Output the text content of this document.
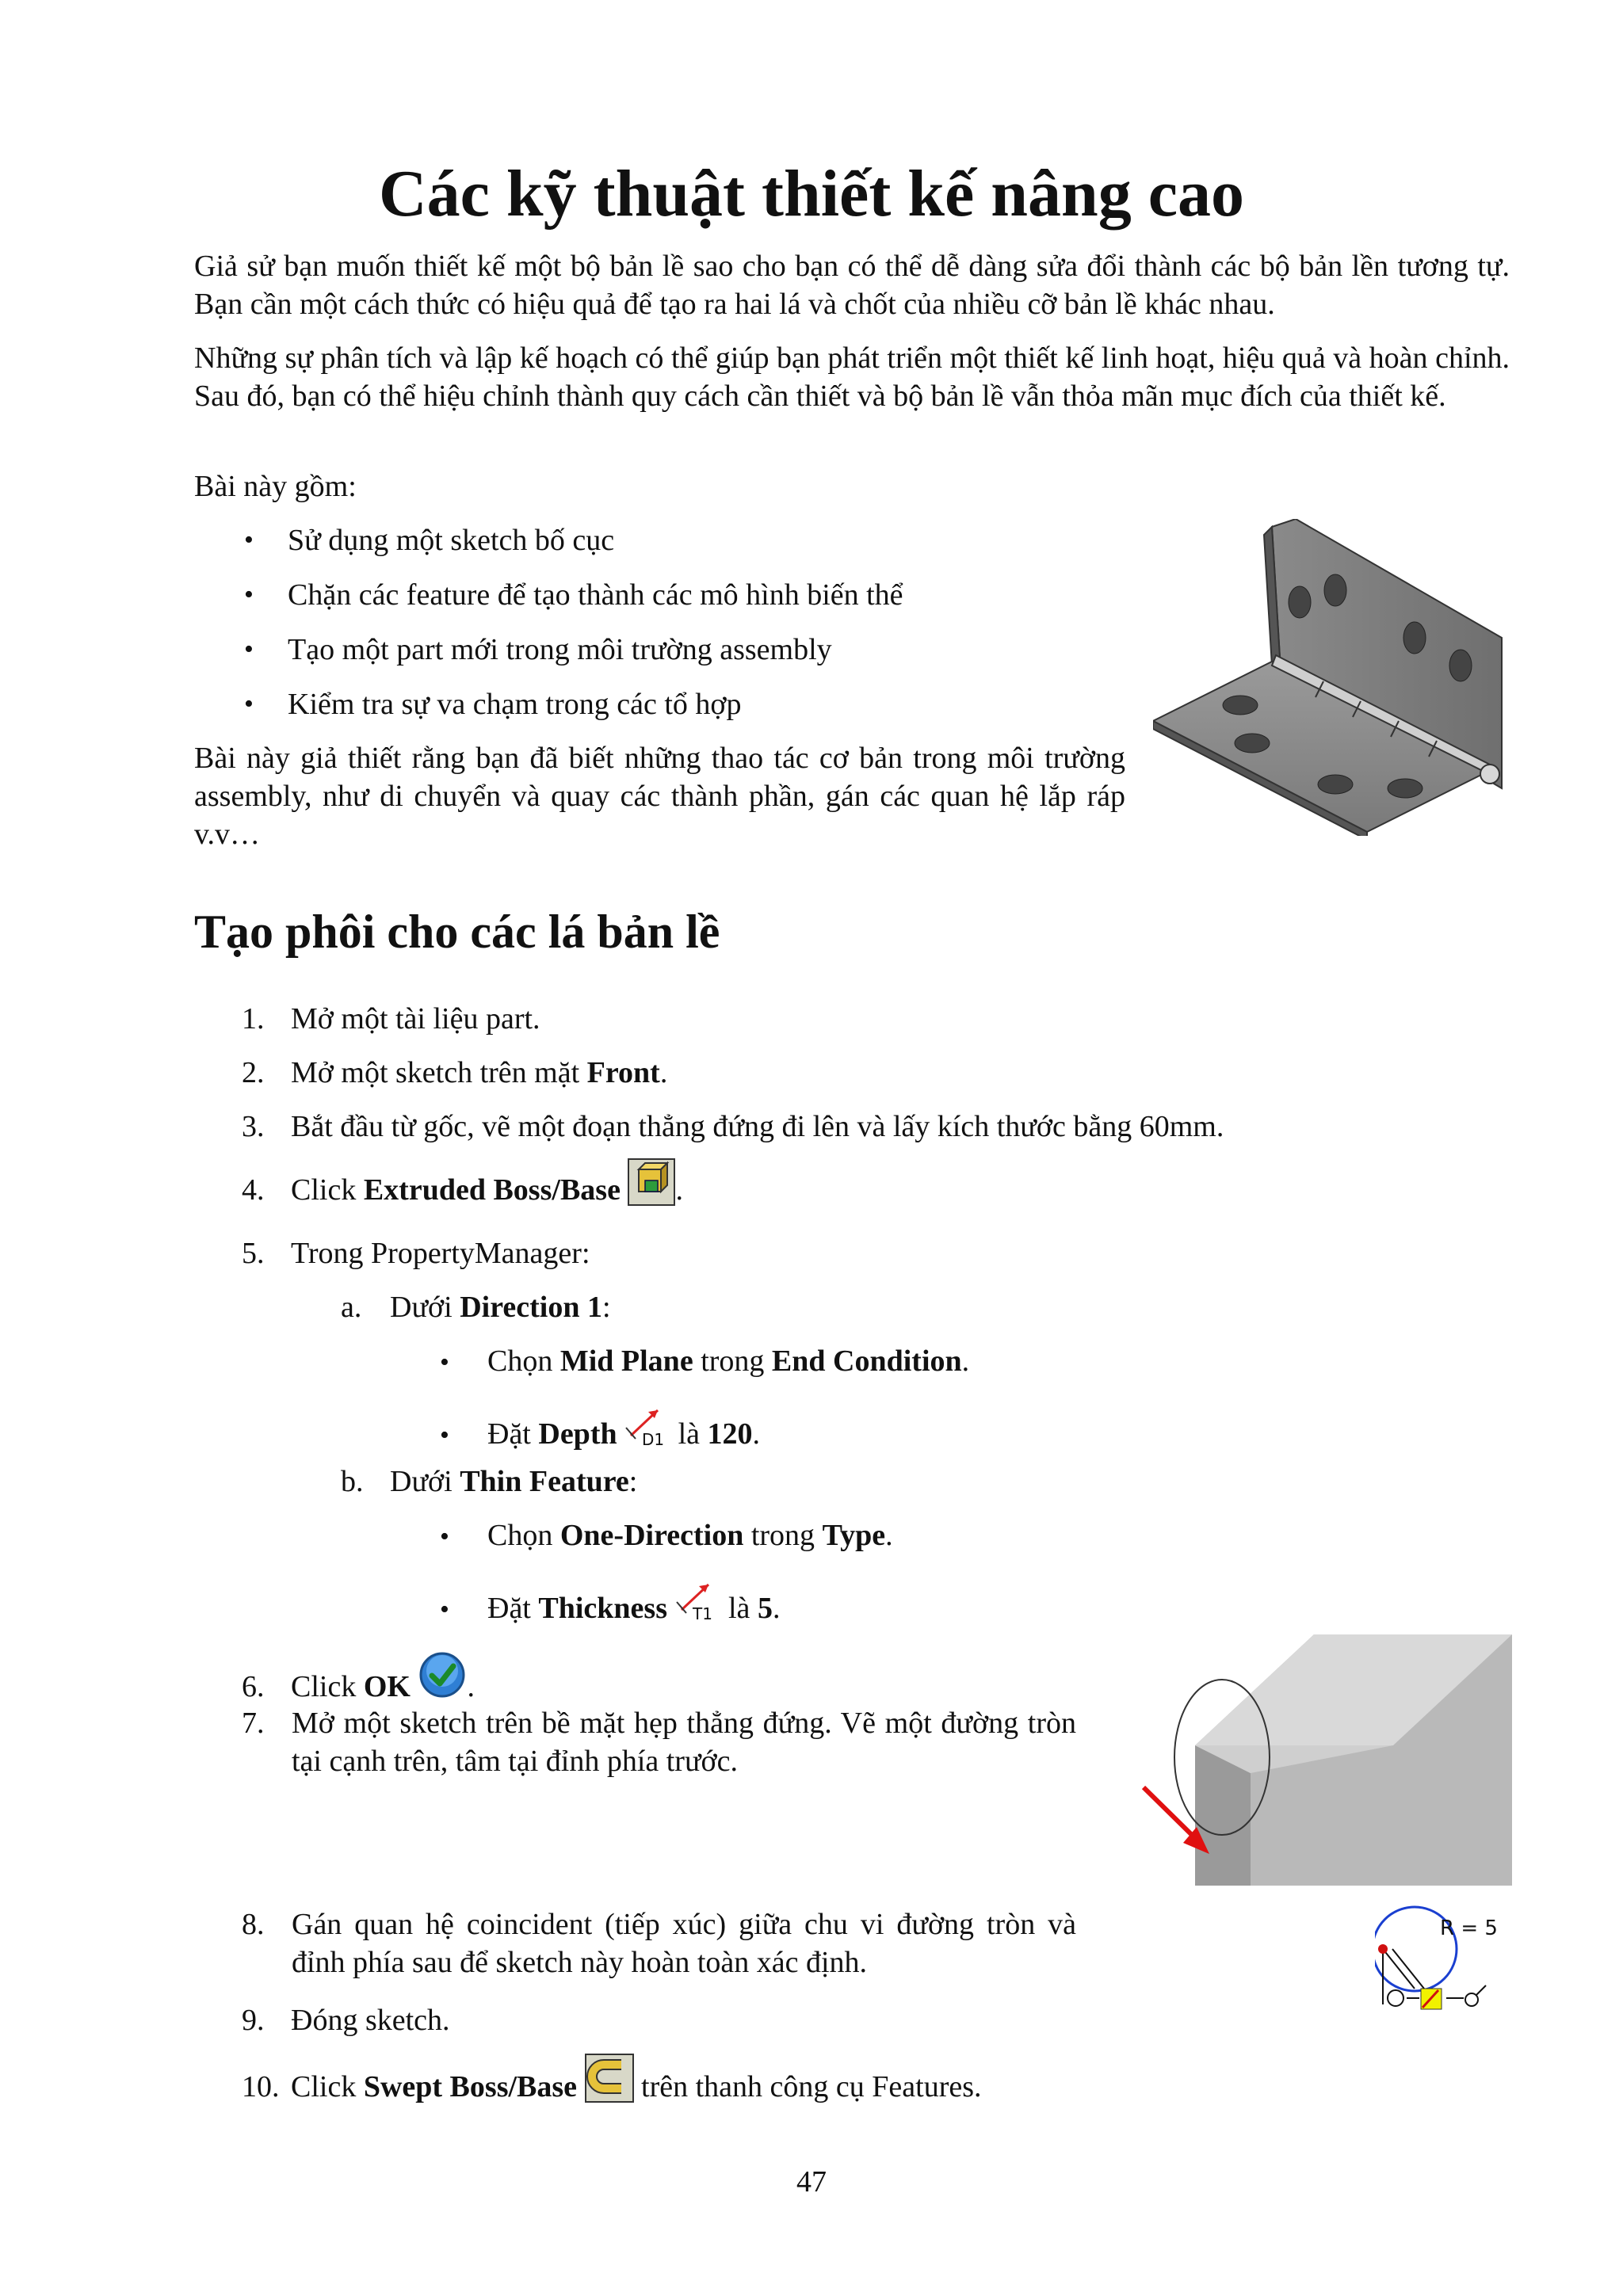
Các kỹ thuật thiết kế nâng cao

Giả sử bạn muốn thiết kế một bộ bản lề sao cho bạn có thể dễ dàng sửa đổi thành các bộ bản lền tương tự. Bạn cần một cách thức có hiệu quả để tạo ra hai lá và chốt của nhiều cỡ bản lề khác nhau.

Những sự phân tích và lập kế hoạch có thể giúp bạn phát triển một thiết kế linh hoạt, hiệu quả và hoàn chỉnh. Sau đó, bạn có thể hiệu chỉnh thành quy cách cần thiết và bộ bản lề vẫn thỏa mãn mục đích của thiết kế.

Bài này gồm:

•	Sử dụng một sketch bố cục
•	Chặn các feature để tạo thành các mô hình biến thể
•	Tạo một part mới trong môi trường assembly
•	Kiểm tra sự va chạm trong các tổ hợp

Bài này giả thiết rằng bạn đã biết những thao tác cơ bản trong môi trường assembly, như di chuyển và quay các thành phần, gán các quan hệ lắp ráp v.v…

Tạo phôi cho các lá bản lề
1. Mở một tài liệu part.
2. Mở một sketch trên mặt Front.
3. Bắt đầu từ gốc, vẽ một đoạn thẳng đứng đi lên và lấy kích thước bằng 60mm.
4. Click Extruded Boss/Base .
5. Trong PropertyManager:
a. Dưới Direction 1:
• Chọn Mid Plane trong End Condition.
• Đặt Depth D1 là 120.
b. Dưới Thin Feature:
• Chọn One-Direction trong Type.
• Đặt Thickness T1 là 5.
6. Click OK .
7. Mở một sketch trên bề mặt hẹp thẳng đứng. Vẽ một đường tròn tại cạnh trên, tâm tại đỉnh phía trước.
8. Gán quan hệ coincident (tiếp xúc) giữa chu vi đường tròn và đỉnh phía sau để sketch này hoàn toàn xác định.
R = 5
9. Đóng sketch.
10. Click Swept Boss/Base  trên thanh công cụ Features.
47
